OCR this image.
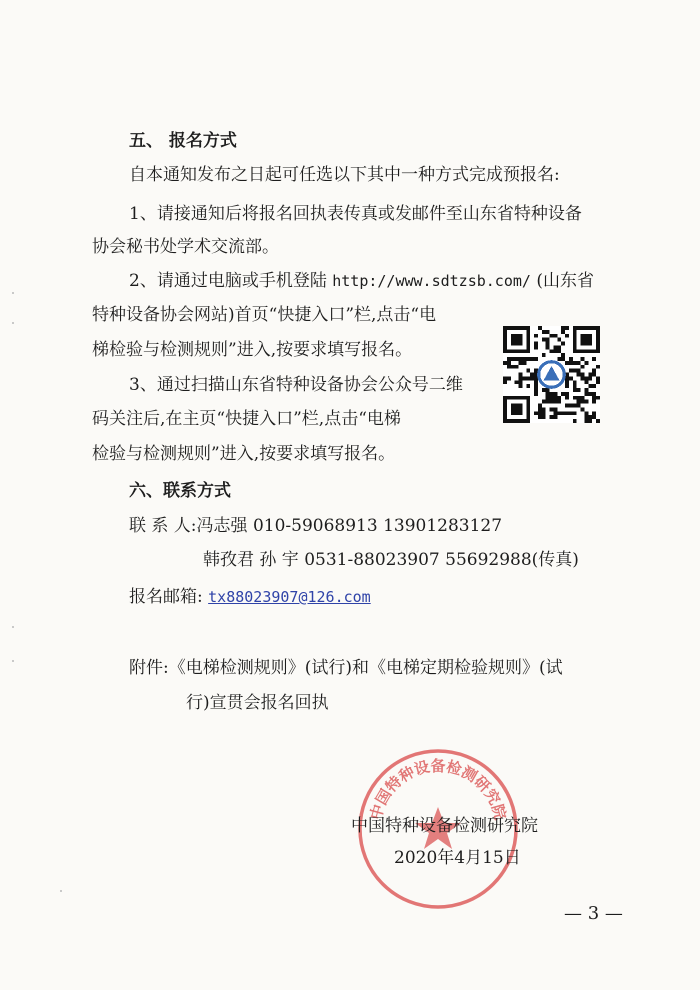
五、 报名方式
自本通知发布之日起可任选以下其中一种方式完成预报名:
1、请接通知后将报名回执表传真或发邮件至山东省特种设备
协会秘书处学术交流部。
2、请通过电脑或手机登陆 http://www.sdtzsb.com/ (山东省
特种设备协会网站)首页“快捷入口”栏,点击“电
梯检验与检测规则”进入,按要求填写报名。
3、通过扫描山东省特种设备协会公众号二维
码关注后,在主页“快捷入口”栏,点击“电梯
检验与检测规则”进入,按要求填写报名。
六、联系方式
联 系 人:冯志强 010-59068913 13901283127
韩孜君 孙 宇 0531-88023907 55692988(传真)
报名邮箱: tx88023907@126.com
附件:《电梯检测规则》(试行)和《电梯定期检验规则》(试
行)宣贯会报名回执
中国特种设备检测研究院
中国特种设备检测研究院
2020年4月15日
— 3 —
